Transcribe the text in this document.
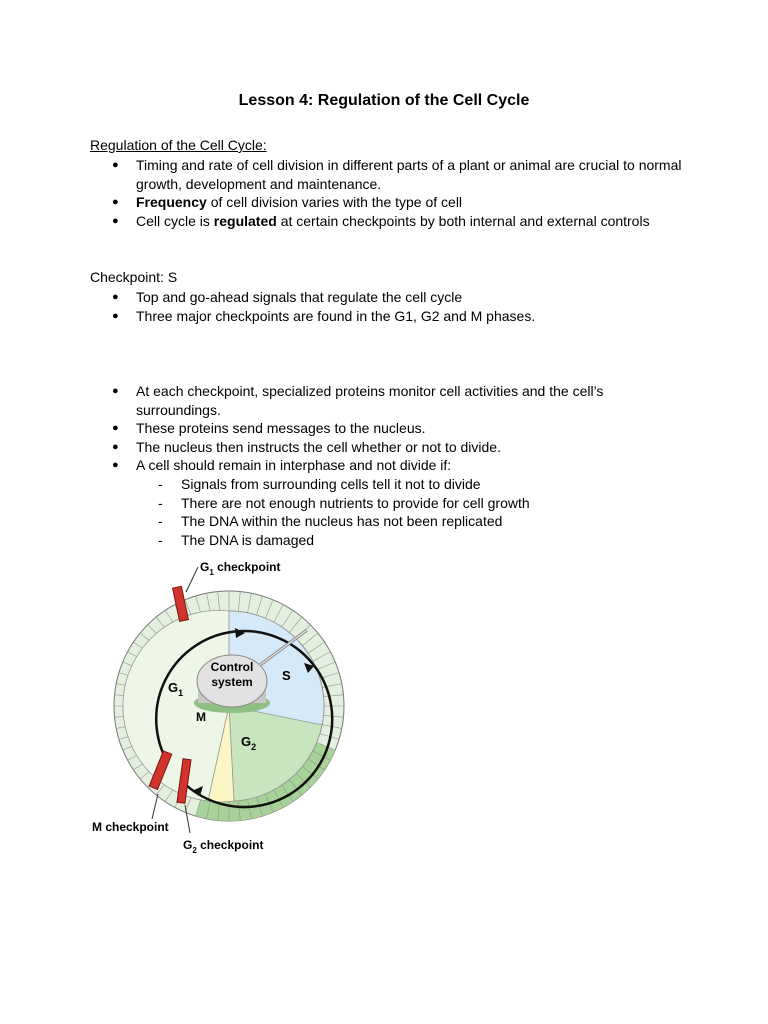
Lesson 4: Regulation of the Cell Cycle

Regulation of the Cell Cycle:

● Timing and rate of cell division in different parts of a plant or animal are crucial to normal growth, development and maintenance.
● Frequency of cell division varies with the type of cell
● Cell cycle is regulated at certain checkpoints by both internal and external controls

Checkpoint: S

● Top and go-ahead signals that regulate the cell cycle
● Three major checkpoints are found in the G1, G2 and M phases.
● At each checkpoint, specialized proteins monitor cell activities and the cell’s surroundings.
● These proteins send messages to the nucleus.
● The nucleus then instructs the cell whether or not to divide.
● A cell should remain in interphase and not divide if:
- Signals from surrounding cells tell it not to divide
- There are not enough nutrients to provide for cell growth
- The DNA within the nucleus has not been replicated
- The DNA is damaged
Control
system
$G_1$
S
$G_2$
M
$G_1$ checkpoint
M checkpoint
$G_2$ checkpoint
